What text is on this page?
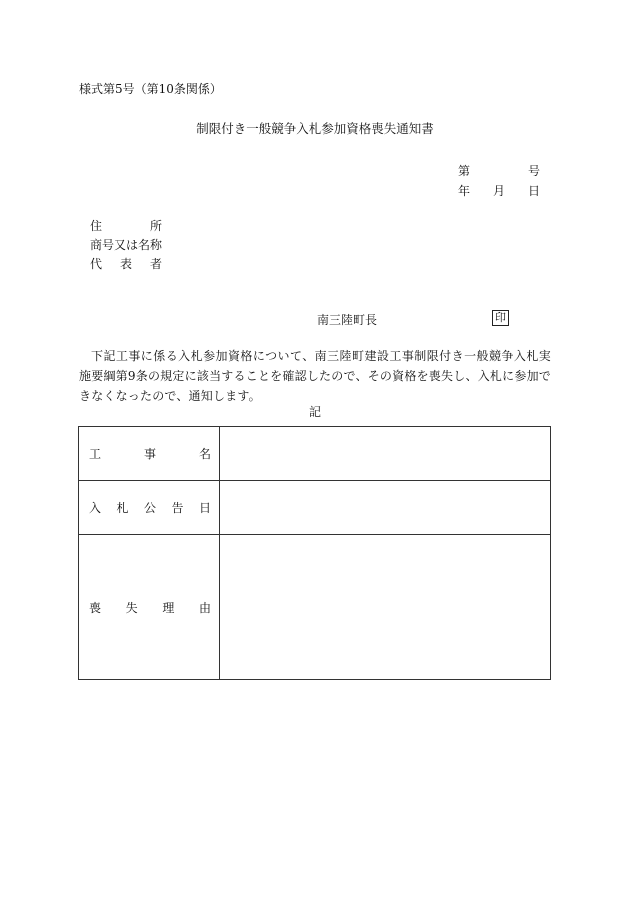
様式第5号（第10条関係）
制限付き一般競争入札参加資格喪失通知書
第	号
年 月 日
住	所
商号又は名称
代 表 者
南三陸町長	印
下記工事に係る入札参加資格について、南三陸町建設工事制限付き一般競争入札実施要綱第9条の規定に該当することを確認したので、その資格を喪失し、入札に参加できなくなったので、通知します。
記
工 事 名	

入 札 公 告 日	

喪 失 理 由	
